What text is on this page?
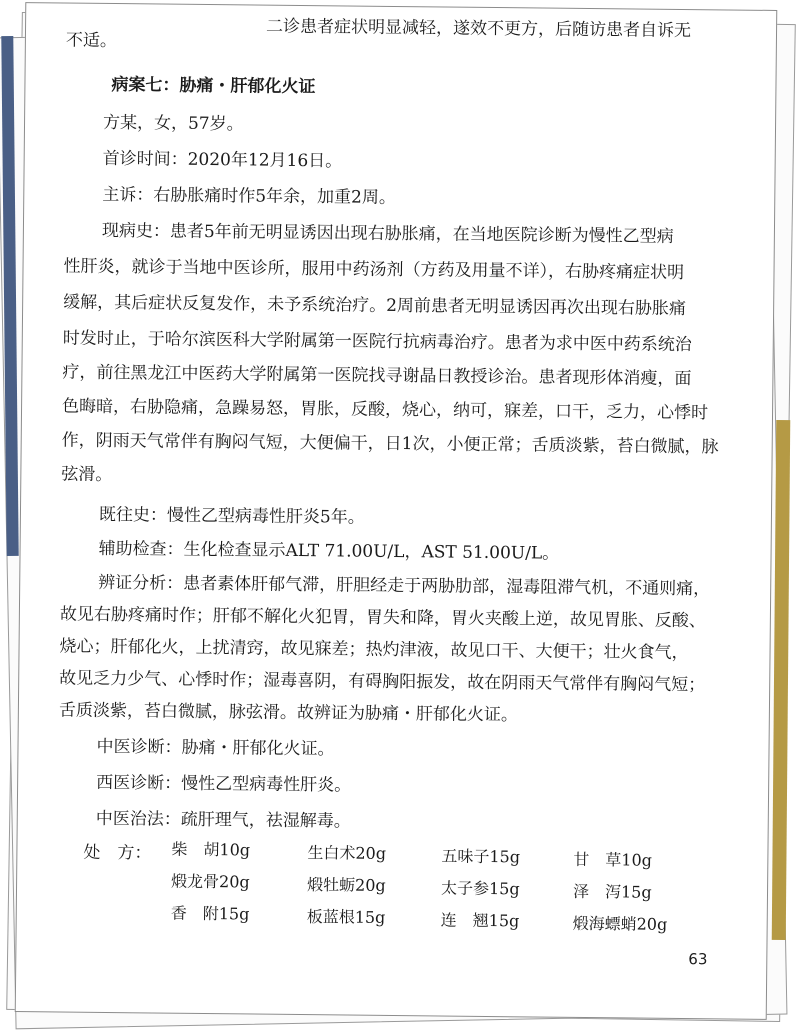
不适。	二诊患者症状明显减轻，遂效不更方，后随访患者自诉无
病案七：胁痛・肝郁化火证
方某，女，57岁。
首诊时间：2020年12月16日。
主诉：右胁胀痛时作5年余，加重2周。
现病史：患者5年前无明显诱因出现右胁胀痛，在当地医院诊断为慢性乙型病
性肝炎，就诊于当地中医诊所，服用中药汤剂（方药及用量不详），右胁疼痛症状明
缓解，其后症状反复发作，未予系统治疗。2周前患者无明显诱因再次出现右胁胀痛
时发时止，于哈尔滨医科大学附属第一医院行抗病毒治疗。患者为求中医中药系统治
疗，前往黑龙江中医药大学附属第一医院找寻谢晶日教授诊治。患者现形体消瘦，面
色晦暗，右胁隐痛，急躁易怒，胃胀，反酸，烧心，纳可，寐差，口干，乏力，心悸时
作，阴雨天气常伴有胸闷气短，大便偏干，日1次，小便正常；舌质淡紫，苔白微腻，脉
弦滑。
既往史：慢性乙型病毒性肝炎5年。
辅助检查：生化检查显示ALT 71.00U/L，AST 51.00U/L。
辨证分析：患者素体肝郁气滞，肝胆经走于两胁肋部，湿毒阻滞气机，不通则痛，
故见右胁疼痛时作；肝郁不解化火犯胃，胃失和降，胃火夹酸上逆，故见胃胀、反酸、
烧心；肝郁化火，上扰清窍，故见寐差；热灼津液，故见口干、大便干；壮火食气，
故见乏力少气、心悸时作；湿毒喜阴，有碍胸阳振发，故在阴雨天气常伴有胸闷气短；
舌质淡紫，苔白微腻，脉弦滑。故辨证为胁痛・肝郁化火证。
中医诊断：胁痛・肝郁化火证。
西医诊断：慢性乙型病毒性肝炎。
中医治法：疏肝理气，祛湿解毒。
处　方： 柴　胡10g	生白术20g	五味子15g	甘　草10g
煅龙骨20g	煅牡蛎20g	太子参15g	泽　泻15g
香　附15g	板蓝根15g	连　翘15g	煅海螵蛸20g
63
